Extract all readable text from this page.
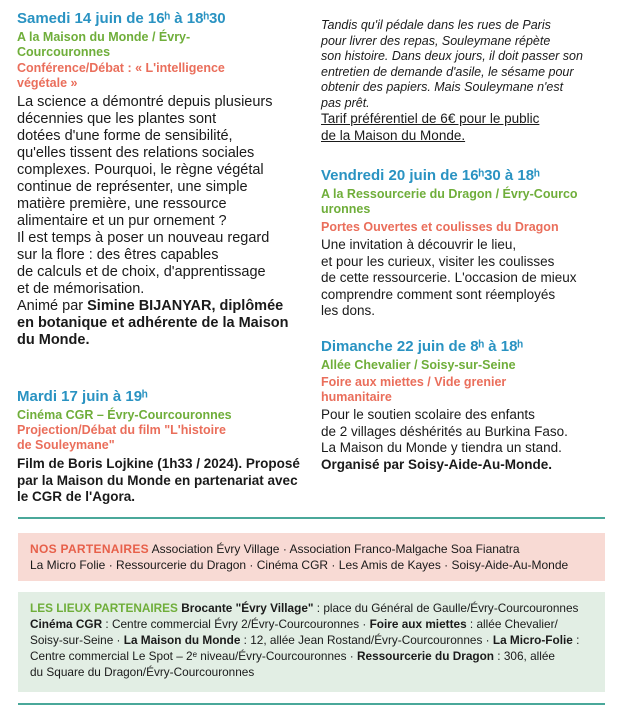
Samedi 14 juin de 16ʰ à 18ʰ30
A la Maison du Monde / Évry-
Courcouronnes
Conférence/Débat : « L'intelligence
végétale »
La science a démontré depuis plusieurs
décennies que les plantes sont
dotées d'une forme de sensibilité,
qu'elles tissent des relations sociales
complexes. Pourquoi, le règne végétal
continue de représenter, une simple
matière première, une ressource
alimentaire et un pur ornement ?
Il est temps à poser un nouveau regard
sur la flore : des êtres capables
de calculs et de choix, d'apprentissage
et de mémorisation.
Animé par Simine BIJANYAR, diplômée
en botanique et adhérente de la Maison
du Monde.
Mardi 17 juin à 19ʰ
Cinéma CGR – Évry-Courcouronnes
Projection/Débat du film "L'histoire
de Souleymane"
Film de Boris Lojkine (1h33 / 2024). Proposé
par la Maison du Monde en partenariat avec
le CGR de l'Agora.
Tandis qu'il pédale dans les rues de Paris
pour livrer des repas, Souleymane répète
son histoire. Dans deux jours, il doit passer son
entretien de demande d'asile, le sésame pour
obtenir des papiers. Mais Souleymane n'est
pas prêt.
Tarif préférentiel de 6€ pour le public
de la Maison du Monde.
Vendredi 20 juin de 16ʰ30 à 18ʰ
A la Ressourcerie du Dragon / Évry-Courco
uronnes
Portes Ouvertes et coulisses du Dragon
Une invitation à découvrir le lieu,
et pour les curieux, visiter les coulisses
de cette ressourcerie. L'occasion de mieux
comprendre comment sont réemployés
les dons.
Dimanche 22 juin de 8ʰ à 18ʰ
Allée Chevalier / Soisy-sur-Seine
Foire aux miettes / Vide grenier
humanitaire
Pour le soutien scolaire des enfants
de 2 villages déshérités au Burkina Faso.
La Maison du Monde y tiendra un stand.
Organisé par Soisy-Aide-Au-Monde.
NOS PARTENAIRES Association Évry Village · Association Franco-Malgache Soa Fianatra
La Micro Folie · Ressourcerie du Dragon · Cinéma CGR · Les Amis de Kayes · Soisy-Aide-Au-Monde
LES LIEUX PARTENAIRES Brocante "Évry Village" : place du Général de Gaulle/Évry-Courcouronnes
Cinéma CGR : Centre commercial Évry 2/Évry-Courcouronnes · Foire aux miettes : allée Chevalier/
Soisy-sur-Seine · La Maison du Monde : 12, allée Jean Rostand/Évry-Courcouronnes · La Micro-Folie :
Centre commercial Le Spot – 2ᵉ niveau/Évry-Courcouronnes · Ressourcerie du Dragon : 306, allée
du Square du Dragon/Évry-Courcouronnes
